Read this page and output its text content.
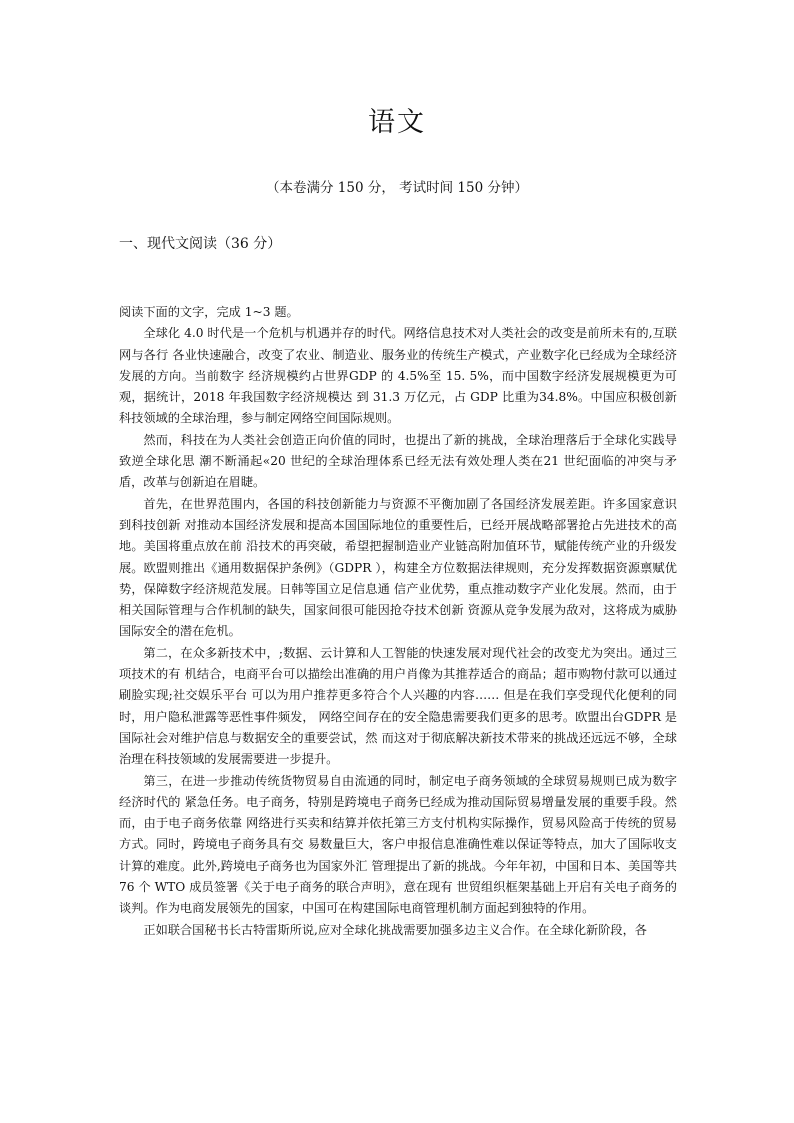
语文
（本卷满分 150 分， 考试时间 150 分钟）
一、现代文阅读（36 分）

阅读下面的文字，完成 1~3 题。

全球化 4.0 时代是一个危机与机遇并存的时代。网络信息技术对人类社会的改变是前所未有的,互联网与各行 各业快速融合，改变了农业、制造业、服务业的传统生产模式，产业数字化已经成为全球经济发展的方向。当前数字 经济规模约占世界GDP 的 4.5%至 15. 5%，而中国数字经济发展规模更为可观，据统计，2018 年我国数字经济规模达 到 31.3 万亿元，占 GDP 比重为34.8%。中国应积极创新科技领域的全球治理，参与制定网络空间国际规则。

然而，科技在为人类社会创造正向价值的同时，也提出了新的挑战，全球治理落后于全球化实践导致逆全球化思 潮不断涌起«20 世纪的全球治理体系已经无法有效处理人类在21 世纪面临的冲突与矛盾，改革与创新迫在眉睫。

首先，在世界范围内，各国的科技创新能力与资源不平衡加剧了各国经济发展差距。许多国家意识到科技创新 对推动本国经济发展和提高本国国际地位的重要性后，已经开展战略部署抢占先进技术的高地。美国将重点放在前 沿技术的再突破，希望把握制造业产业链高附加值环节，赋能传统产业的升级发展。欧盟则推出《通用数据保护条例》（GDPR ），构建全方位数据法律规则，充分发挥数据资源禀赋优势，保障数字经济规范发展。日韩等国立足信息通 信产业优势，重点推动数字产业化发展。然而，由于相关国际管理与合作机制的缺失，国家间很可能因抢夺技术创新 资源从竞争发展为敌对，这将成为威胁国际安全的潜在危机。

第二，在众多新技术中，;数据、云计算和人工智能的快速发展对现代社会的改变尤为突出。通过三项技术的有 机结合，电商平台可以描绘出准确的用户肖像为其推荐适合的商品；超市购物付款可以通过刷脸实现;社交娱乐平台 可以为用户推荐更多符合个人兴趣的内容…… 但是在我们享受现代化便利的同时，用户隐私泄露等恶性事件频发， 网络空间存在的安全隐患需要我们更多的思考。欧盟出台GDPR 是国际社会对维护信息与数据安全的重要尝试，然 而这对于彻底解决新技术带来的挑战还远远不够，全球治理在科技领域的发展需要进一步提升。

第三，在进一步推动传统货物贸易自由流通的同时，制定电子商务领域的全球贸易规则已成为数字经济时代的 紧急任务。电子商务，特别是跨境电子商务已经成为推动国际贸易增量发展的重要手段。然而，由于电子商务依靠 网络进行买卖和结算并依托第三方支付机构实际操作，贸易风险高于传统的贸易方式。同时，跨境电子商务具有交 易数量巨大，客户申报信息准确性难以保证等特点，加大了国际收支计算的难度。此外,跨境电子商务也为国家外汇 管理提出了新的挑战。今年年初，中国和日本、美国等共 76 个 WTO 成员签署《关于电子商务的联合声明》，意在现有 世贸组织框架基础上开启有关电子商务的谈判。作为电商发展领先的国家，中国可在构建国际电商管理机制方面起到独特的作用。

正如联合国秘书长古特雷斯所说,应对全球化挑战需要加强多边主义合作。在全球化新阶段，各
